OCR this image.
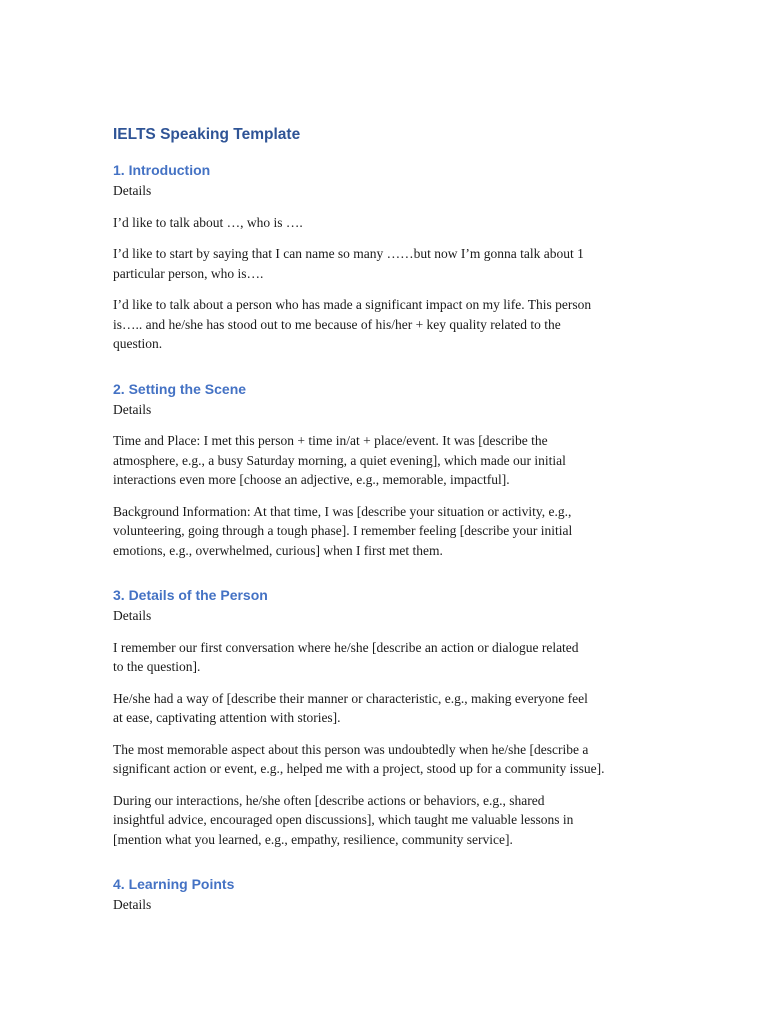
IELTS Speaking Template
1. Introduction

Details

I’d like to talk about …, who is ….
I’d like to start by saying that I can name so many ……but now I’m gonna talk about 1
particular person, who is….
I’d like to talk about a person who has made a significant impact on my life. This person
is….. and he/she has stood out to me because of his/her + key quality related to the
question.
2. Setting the Scene

Details

Time and Place: I met this person + time in/at + place/event. It was [describe the
atmosphere, e.g., a busy Saturday morning, a quiet evening], which made our initial
interactions even more [choose an adjective, e.g., memorable, impactful].
Background Information: At that time, I was [describe your situation or activity, e.g.,
volunteering, going through a tough phase]. I remember feeling [describe your initial
emotions, e.g., overwhelmed, curious] when I first met them.
3. Details of the Person

Details

I remember our first conversation where he/she [describe an action or dialogue related
to the question].
He/she had a way of [describe their manner or characteristic, e.g., making everyone feel
at ease, captivating attention with stories].
The most memorable aspect about this person was undoubtedly when he/she [describe a
significant action or event, e.g., helped me with a project, stood up for a community issue].
During our interactions, he/she often [describe actions or behaviors, e.g., shared
insightful advice, encouraged open discussions], which taught me valuable lessons in
[mention what you learned, e.g., empathy, resilience, community service].
4. Learning Points

Details
